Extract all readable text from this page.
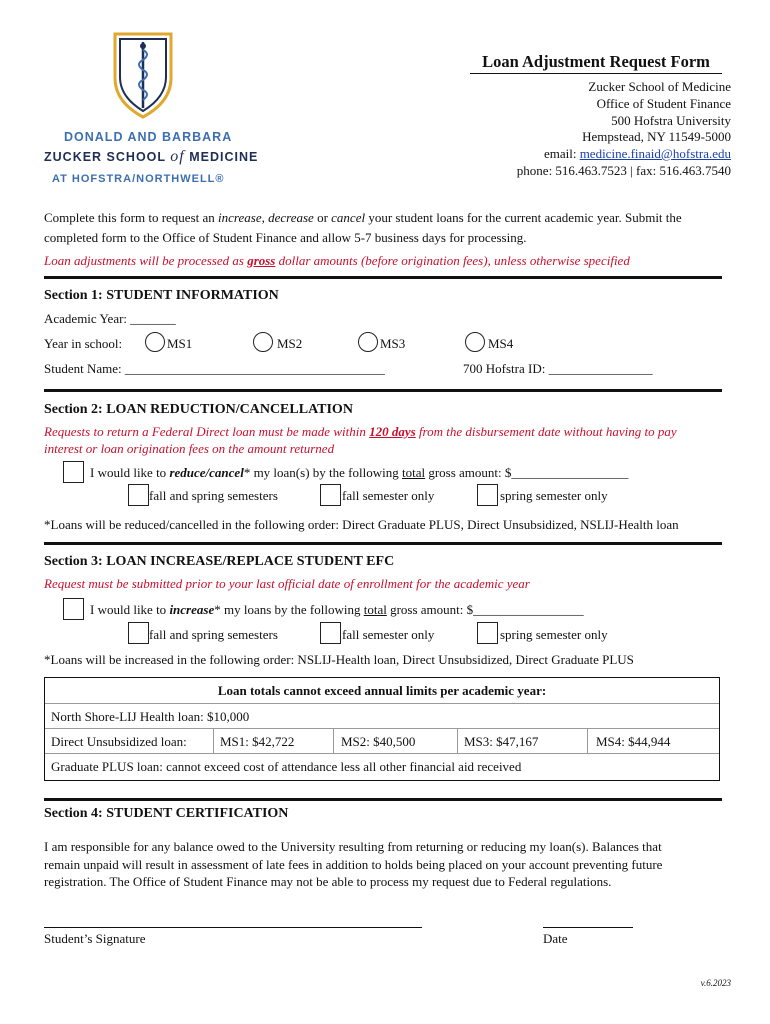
DONALD AND BARBARA
ZUCKER SCHOOL of MEDICINE
AT HOFSTRA/NORTHWELL®
Loan Adjustment Request Form
Zucker School of Medicine
Office of Student Finance
500 Hofstra University
Hempstead, NY 11549-5000
email: medicine.finaid@hofstra.edu
phone: 516.463.7523 | fax: 516.463.7540
Complete this form to request an increase, decrease or cancel your student loans for the current academic year. Submit the
completed form to the Office of Student Finance and allow 5-7 business days for processing.
Loan adjustments will be processed as gross dollar amounts (before origination fees), unless otherwise specified
Section 1: STUDENT INFORMATION
Academic Year: _______
Year in school:	MS1	MS2	MS3	MS4
Student Name: ________________________________________	700 Hofstra ID: ________________
Section 2: LOAN REDUCTION/CANCELLATION
Requests to return a Federal Direct loan must be made within 120 days from the disbursement date without having to pay
interest or loan origination fees on the amount returned
I would like to reduce/cancel* my loan(s) by the following total gross amount: $__________________
fall and spring semesters	fall semester only	spring semester only
*Loans will be reduced/cancelled in the following order: Direct Graduate PLUS, Direct Unsubsidized, NSLIJ-Health loan
Section 3: LOAN INCREASE/REPLACE STUDENT EFC
Request must be submitted prior to your last official date of enrollment for the academic year
I would like to increase* my loans by the following total gross amount: $_________________
fall and spring semesters	fall semester only	spring semester only
*Loans will be increased in the following order: NSLIJ-Health loan, Direct Unsubsidized, Direct Graduate PLUS
Loan totals cannot exceed annual limits per academic year:
North Shore-LIJ Health loan: $10,000
Direct Unsubsidized loan:	MS1: $42,722	MS2: $40,500	MS3: $47,167	MS4: $44,944
Graduate PLUS loan: cannot exceed cost of attendance less all other financial aid received
Section 4: STUDENT CERTIFICATION
I am responsible for any balance owed to the University resulting from returning or reducing my loan(s). Balances that
remain unpaid will result in assessment of late fees in addition to holds being placed on your account preventing future
registration. The Office of Student Finance may not be able to process my request due to Federal regulations.
Student’s Signature	Date
v.6.2023
